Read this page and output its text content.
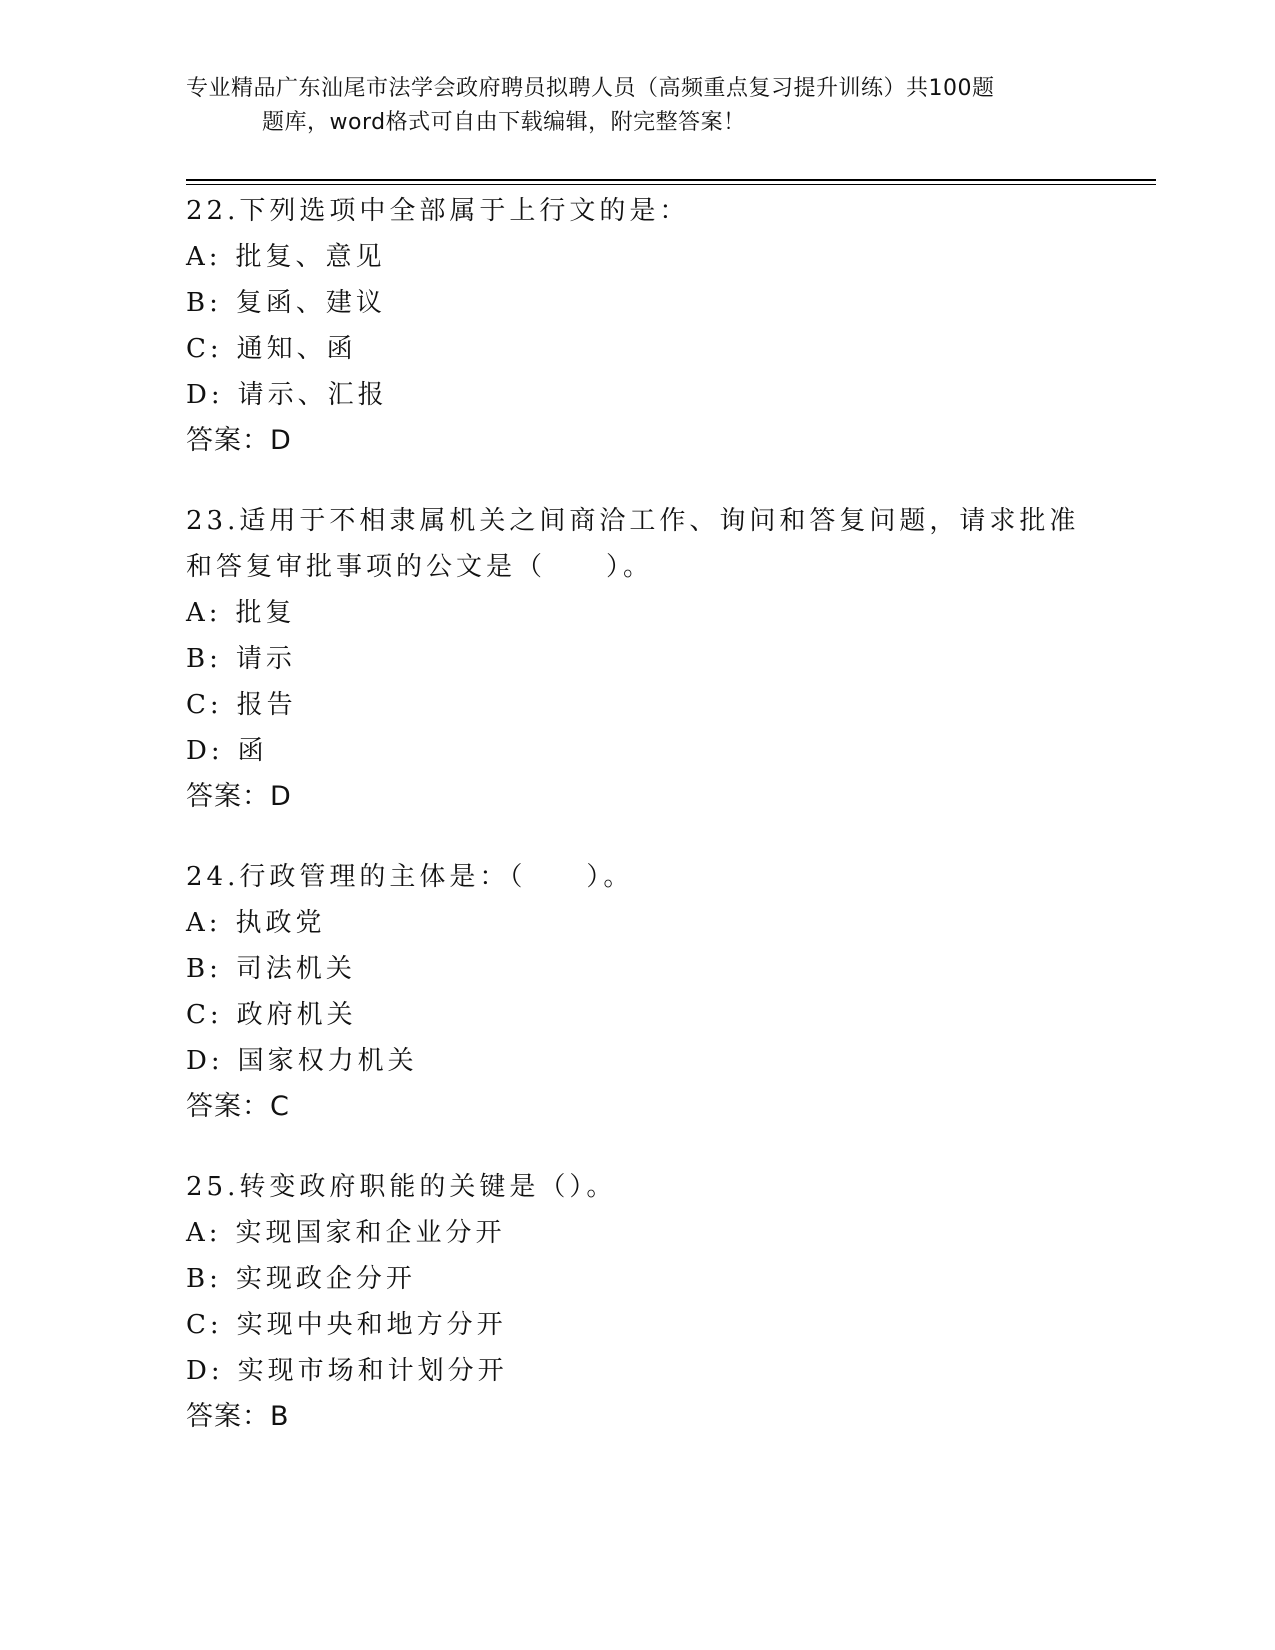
专业精品广东汕尾市法学会政府聘员拟聘人员（高频重点复习提升训练）共100题
题库，word格式可自由下载编辑，附完整答案！
22.下列选项中全部属于上行文的是：
A: 批复、意见
B: 复函、建议
C: 通知、函
D: 请示、汇报
答案：D
23.适用于不相隶属机关之间商洽工作、询问和答复问题，请求批准和答复审批事项的公文是（　　）。
A: 批复
B: 请示
C: 报告
D: 函
答案：D
24.行政管理的主体是：（　　）。
A: 执政党
B: 司法机关
C: 政府机关
D: 国家权力机关
答案：C
25.转变政府职能的关键是（）。
A: 实现国家和企业分开
B: 实现政企分开
C: 实现中央和地方分开
D: 实现市场和计划分开
答案：B
